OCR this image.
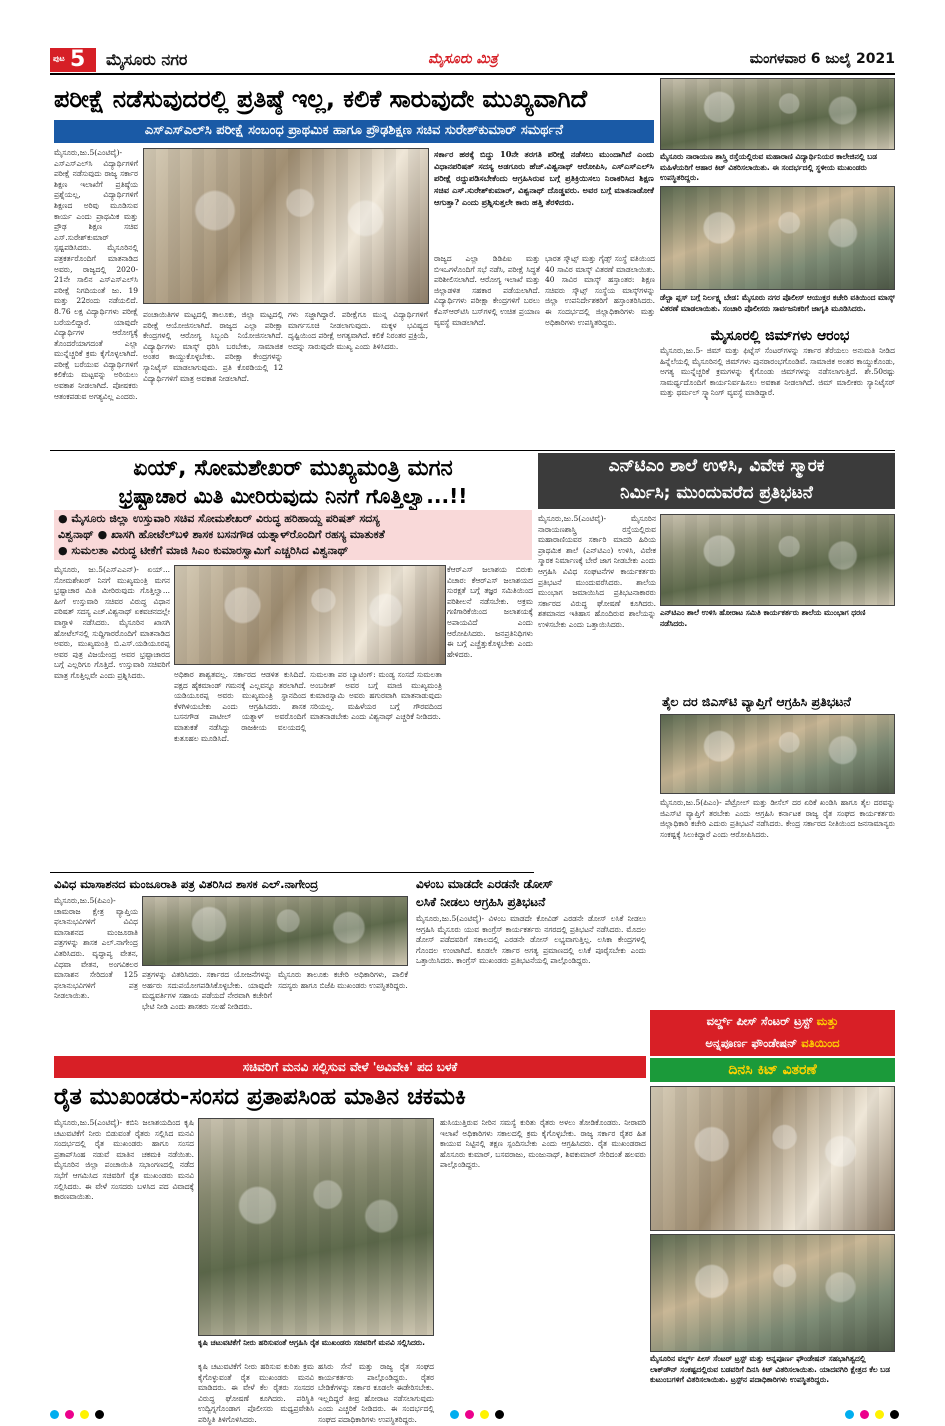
ಪುಟ 5 ಮೈಸೂರು ನಗರ	ಮೈಸೂರು ಮಿತ್ರ	ಮಂಗಳವಾರ 6 ಜುಲೈ 2021
ಪರೀಕ್ಷೆ ನಡೆಸುವುದರಲ್ಲಿ ಪ್ರತಿಷ್ಠೆ ಇಲ್ಲ, ಕಲಿಕೆ ಸಾರುವುದೇ ಮುಖ್ಯವಾಗಿದೆ
ಎಸ್‌ಎಸ್‌ಎಲ್‌ಸಿ ಪರೀಕ್ಷೆ ಸಂಬಂಧ ಪ್ರಾಥಮಿಕ ಹಾಗೂ ಪ್ರೌಢಶಿಕ್ಷಣ ಸಚಿವ ಸುರೇಶ್‌ಕುಮಾರ್ ಸಮರ್ಥನೆ
ಮೈಸೂರು,ಜು.5(ಎಂಟಿವೈ)- ಎಸ್‌ಎಸ್‌ಎಲ್‌ಸಿ ವಿದ್ಯಾರ್ಥಿಗಳಿಗೆ ಪರೀಕ್ಷೆ ನಡೆಸುವುದು ರಾಜ್ಯ ಸರ್ಕಾರ ಶಿಕ್ಷಣ ಇಲಾಖೆಗೆ ಪ್ರತಿಷ್ಠೆಯ ಪ್ರಶ್ನೆಯಲ್ಲ, ವಿದ್ಯಾರ್ಥಿಗಳಿಗೆ ಶಿಕ್ಷಣದ ಅರಿವು ಮೂಡಿಸುವ ಕಾರ್ಯ ಎಂದು ಪ್ರಾಥಮಿಕ ಮತ್ತು ಪ್ರೌಢ ಶಿಕ್ಷಣ ಸಚಿವ ಎಸ್.ಸುರೇಶ್‌ಕುಮಾರ್ ಸ್ಪಷ್ಟಪಡಿಸಿದರು. ಮೈಸೂರಿನಲ್ಲಿ ಪತ್ರಕರ್ತರೊಂದಿಗೆ ಮಾತನಾಡಿದ ಅವರು, ರಾಜ್ಯದಲ್ಲಿ 2020-21ನೇ ಸಾಲಿನ ಎಸ್‌ಎಸ್‌ಎಲ್‌ಸಿ ಪರೀಕ್ಷೆ ನಿಗದಿಯಂತೆ ಜು. 19 ಮತ್ತು 22ರಂದು ನಡೆಯಲಿದೆ. 8.76 ಲಕ್ಷ ವಿದ್ಯಾರ್ಥಿಗಳು ಪರೀಕ್ಷೆ ಬರೆಯಲಿದ್ದಾರೆ. ಯಾವುದೇ ವಿದ್ಯಾರ್ಥಿಗಳ ಆರೋಗ್ಯಕ್ಕೆ ತೊಂದರೆಯಾಗದಂತೆ ಎಲ್ಲಾ ಮುನ್ನೆಚ್ಚರಿಕೆ ಕ್ರಮ ಕೈಗೊಳ್ಳಲಾಗಿದೆ. ಪರೀಕ್ಷೆ ಬರೆಯುವ ವಿದ್ಯಾರ್ಥಿಗಳಿಗೆ ಕಲಿಕೆಯ ಮಟ್ಟವನ್ನು ಅರಿಯಲು ಅವಕಾಶ ನೀಡಲಾಗಿದೆ. ಪೋಷಕರು ಆತಂಕಪಡುವ ಅಗತ್ಯವಿಲ್ಲ ಎಂದರು.
ಪಂಚಾಯಿತಿಗಳ ಮಟ್ಟದಲ್ಲಿ ತಾಲೂಕು, ಜಿಲ್ಲಾ ಮಟ್ಟದಲ್ಲಿ ಪರೀಕ್ಷೆ ಆಯೋಜಿಸಲಾಗಿದೆ. ರಾಜ್ಯದ ಎಲ್ಲಾ ಪರೀಕ್ಷಾ ಕೇಂದ್ರಗಳಲ್ಲಿ ಆರೋಗ್ಯ ಸಿಬ್ಬಂದಿ ನಿಯೋಜಿಸಲಾಗಿದೆ. ವಿದ್ಯಾರ್ಥಿಗಳು ಮಾಸ್ಕ್ ಧರಿಸಿ ಬರಬೇಕು, ಸಾಮಾಜಿಕ ಅಂತರ ಕಾಯ್ದುಕೊಳ್ಳಬೇಕು. ಪರೀಕ್ಷಾ ಕೇಂದ್ರಗಳನ್ನು ಸ್ಯಾನಿಟೈಸ್ ಮಾಡಲಾಗುವುದು. ಪ್ರತಿ ಕೊಠಡಿಯಲ್ಲಿ 12 ವಿದ್ಯಾರ್ಥಿಗಳಿಗೆ ಮಾತ್ರ ಅವಕಾಶ ನೀಡಲಾಗಿದೆ.
ಗಳು ಸಜ್ಜಾಗಿದ್ದಾರೆ. ಪರೀಕ್ಷೆಗೂ ಮುನ್ನ ವಿದ್ಯಾರ್ಥಿಗಳಿಗೆ ಮಾರ್ಗಸೂಚಿ ನೀಡಲಾಗುವುದು. ಮಕ್ಕಳ ಭವಿಷ್ಯದ ದೃಷ್ಟಿಯಿಂದ ಪರೀಕ್ಷೆ ಅಗತ್ಯವಾಗಿದೆ. ಕಲಿಕೆ ನಿರಂತರ ಪ್ರಕ್ರಿಯೆ, ಅದನ್ನು ಸಾರುವುದೇ ಮುಖ್ಯ ಎಂದು ತಿಳಿಸಿದರು.
ಸರ್ಕಾರ ಹಠಕ್ಕೆ ಬಿದ್ದು 10ನೇ ತರಗತಿ ಪರೀಕ್ಷೆ ನಡೆಸಲು ಮುಂದಾಗಿದೆ ಎಂದು ವಿಧಾನಪರಿಷತ್ ಸದಸ್ಯ ಅಡಗೂರು ಹೆಚ್.ವಿಶ್ವನಾಥ್ ಆರೋಪಿಸಿ, ಎಸ್‌ಎಸ್‌ಎಲ್‌ಸಿ ಪರೀಕ್ಷೆ ರದ್ದುಪಡಿಸಬೇಕೆಂದು ಆಗ್ರಹಿಸಿರುವ ಬಗ್ಗೆ ಪ್ರತಿಕ್ರಿಯಿಸಲು ನಿರಾಕರಿಸಿದ ಶಿಕ್ಷಣ ಸಚಿವ ಎಸ್.ಸುರೇಶ್‌ಕುಮಾರ್, ವಿಶ್ವನಾಥ್ ದೊಡ್ಡವರು. ಅವರ ಬಗ್ಗೆ ಮಾತನಾಡೋಕೆ ಆಗುತ್ತಾ? ಎಂದು ಪ್ರಶ್ನಿಸುತ್ತಲೇ ಕಾರು ಹತ್ತಿ ತೆರಳಿದರು.
ರಾಜ್ಯದ ಎಲ್ಲಾ ಡಿಡಿಪಿಐ ಮತ್ತು ಬಿಇಒಗಳೊಂದಿಗೆ ಸಭೆ ನಡೆಸಿ, ಪರೀಕ್ಷೆ ಸಿದ್ಧತೆ ಪರಿಶೀಲಿಸಲಾಗಿದೆ. ಆರೋಗ್ಯ ಇಲಾಖೆ ಮತ್ತು ಜಿಲ್ಲಾಡಳಿತ ಸಹಕಾರ ಪಡೆಯಲಾಗಿದೆ. ವಿದ್ಯಾರ್ಥಿಗಳು ಪರೀಕ್ಷಾ ಕೇಂದ್ರಗಳಿಗೆ ಬರಲು ಕೆಎಸ್‌ಆರ್‌ಟಿಸಿ ಬಸ್‌ಗಳಲ್ಲಿ ಉಚಿತ ಪ್ರಯಾಣ ವ್ಯವಸ್ಥೆ ಮಾಡಲಾಗಿದೆ.
ಭಾರತ ಸ್ಕೌಟ್ಸ್ ಮತ್ತು ಗೈಡ್ಸ್ ಸಂಸ್ಥೆ ವತಿಯಿಂದ 40 ಸಾವಿರ ಮಾಸ್ಕ್ ವಿತರಣೆ ಮಾಡಲಾಯಿತು. 40 ಸಾವಿರ ಮಾಸ್ಕ್ ಹಸ್ತಾಂತರ: ಶಿಕ್ಷಣ ಸಚಿವರು ಸ್ಕೌಟ್ಸ್ ಸಂಸ್ಥೆಯ ಮಾಸ್ಕ್‌ಗಳನ್ನು ಜಿಲ್ಲಾ ಉಪನಿರ್ದೇಶಕರಿಗೆ ಹಸ್ತಾಂತರಿಸಿದರು. ಈ ಸಂದರ್ಭದಲ್ಲಿ ಜಿಲ್ಲಾಧಿಕಾರಿಗಳು ಮತ್ತು ಅಧಿಕಾರಿಗಳು ಉಪಸ್ಥಿತರಿದ್ದರು.
ಮೈಸೂರು ನಾರಾಯಣ ಶಾಸ್ತ್ರಿ ರಸ್ತೆಯಲ್ಲಿರುವ ಮಹಾರಾಣಿ ವಿದ್ಯಾರ್ಥಿನಿಯರ ಕಾಲೇಜಿನಲ್ಲಿ ಬಡ ಮಹಿಳೆಯರಿಗೆ ಆಹಾರ ಕಿಟ್ ವಿತರಿಸಲಾಯಿತು. ಈ ಸಂದರ್ಭದಲ್ಲಿ ಸ್ಥಳೀಯ ಮುಖಂಡರು ಉಪಸ್ಥಿತರಿದ್ದರು.
ಡೆಲ್ಟಾ ಪ್ಲಸ್ ಬಗ್ಗೆ ನಿರ್ಲಕ್ಷ್ಯ ಬೇಡ: ಮೈಸೂರು ನಗರ ಪೊಲೀಸ್ ಆಯುಕ್ತರ ಕಚೇರಿ ವತಿಯಿಂದ ಮಾಸ್ಕ್ ವಿತರಣೆ ಮಾಡಲಾಯಿತು. ಸಂಚಾರಿ ಪೊಲೀಸರು ಸಾರ್ವಜನಿಕರಿಗೆ ಜಾಗೃತಿ ಮೂಡಿಸಿದರು.
ಮೈಸೂರಲ್ಲಿ ಜಿಮ್‌ಗಳು ಆರಂಭ
ಮೈಸೂರು,ಜು.5- ಜಿಮ್ ಮತ್ತು ಫಿಟ್ನೆಸ್ ಸೆಂಟರ್‌ಗಳನ್ನು ಸರ್ಕಾರ ತೆರೆಯಲು ಅನುಮತಿ ನೀಡಿದ ಹಿನ್ನೆಲೆಯಲ್ಲಿ ಮೈಸೂರಿನಲ್ಲಿ ಜಿಮ್‌ಗಳು ಪುನರಾರಂಭಗೊಂಡಿವೆ. ಸಾಮಾಜಿಕ ಅಂತರ ಕಾಯ್ದುಕೊಂಡು, ಅಗತ್ಯ ಮುನ್ನೆಚ್ಚರಿಕೆ ಕ್ರಮಗಳನ್ನು ಕೈಗೊಂಡು ಜಿಮ್‌ಗಳನ್ನು ನಡೆಸಲಾಗುತ್ತಿದೆ. ಶೇ.50ರಷ್ಟು ಸಾಮರ್ಥ್ಯದೊಂದಿಗೆ ಕಾರ್ಯನಿರ್ವಹಿಸಲು ಅವಕಾಶ ನೀಡಲಾಗಿದೆ. ಜಿಮ್ ಮಾಲೀಕರು ಸ್ಯಾನಿಟೈಸರ್ ಮತ್ತು ಥರ್ಮಲ್ ಸ್ಕ್ಯಾನಿಂಗ್ ವ್ಯವಸ್ಥೆ ಮಾಡಿದ್ದಾರೆ.
ಏಯ್, ಸೋಮಶೇಖರ್ ಮುಖ್ಯಮಂತ್ರಿ ಮಗನ
ಭ್ರಷ್ಟಾಚಾರ ಮಿತಿ ಮೀರಿರುವುದು ನಿನಗೆ ಗೊತ್ತಿಲ್ವಾ...!!
● ಮೈಸೂರು ಜಿಲ್ಲಾ ಉಸ್ತುವಾರಿ ಸಚಿವ ಸೋಮಶೇಖರ್ ವಿರುದ್ಧ ಹರಿಹಾಯ್ದ ಪರಿಷತ್ ಸದಸ್ಯ
ವಿಶ್ವನಾಥ್ ● ಖಾಸಗಿ ಹೋಟೆಲ್‌ಬಳಿ ಶಾಸಕ ಬಸನಗೌಡ ಯತ್ನಾಳ್‌ರೊಂದಿಗೆ ರಹಸ್ಯ ಮಾತುಕತೆ
● ಸುಮಲತಾ ವಿರುದ್ಧ ಟೀಕೆಗೆ ಮಾಜಿ ಸಿಎಂ ಕುಮಾರಸ್ವಾಮಿಗೆ ಎಚ್ಚರಿಸಿದ ವಿಶ್ವನಾಥ್
ಮೈಸೂರು, ಜು.5(ಎಸ್‌ಎಎನ್)- ಏಯ್... ಸೋಮಶೇಖರ್ ನಿನಗೆ ಮುಖ್ಯಮಂತ್ರಿ ಮಗನ ಭ್ರಷ್ಟಾಚಾರ ಮಿತಿ ಮೀರಿರುವುದು ಗೊತ್ತಿಲ್ವಾ... ಹೀಗೆ ಉಸ್ತುವಾರಿ ಸಚಿವರ ವಿರುದ್ಧ ವಿಧಾನ ಪರಿಷತ್ ಸದಸ್ಯ ಎಚ್.ವಿಶ್ವನಾಥ್ ಏಕವಚನದಲ್ಲೇ ವಾಗ್ದಾಳಿ ನಡೆಸಿದರು. ಮೈಸೂರಿನ ಖಾಸಗಿ ಹೋಟೆಲ್‌ನಲ್ಲಿ ಸುದ್ದಿಗಾರರೊಂದಿಗೆ ಮಾತನಾಡಿದ ಅವರು, ಮುಖ್ಯಮಂತ್ರಿ ಬಿ.ಎಸ್.ಯಡಿಯೂರಪ್ಪ ಅವರ ಪುತ್ರ ವಿಜಯೇಂದ್ರ ಅವರ ಭ್ರಷ್ಟಾಚಾರದ ಬಗ್ಗೆ ಎಲ್ಲರಿಗೂ ಗೊತ್ತಿದೆ. ಉಸ್ತುವಾರಿ ಸಚಿವರಿಗೆ ಮಾತ್ರ ಗೊತ್ತಿಲ್ಲವೇ ಎಂದು ಪ್ರಶ್ನಿಸಿದರು.	ಅಧಿಕಾರ ಶಾಶ್ವತವಲ್ಲ. ಸರ್ಕಾರದ ಆಡಳಿತ ಕುಸಿದಿದೆ. ಪಕ್ಷದ ಹೈಕಮಾಂಡ್ ಗಮನಕ್ಕೆ ಎಲ್ಲವನ್ನೂ ತರಲಾಗಿದೆ. ಯಡಿಯೂರಪ್ಪ ಅವರು ಮುಖ್ಯಮಂತ್ರಿ ಸ್ಥಾನದಿಂದ ಕೆಳಗಿಳಿಯಬೇಕು ಎಂದು ಆಗ್ರಹಿಸಿದರು. ಶಾಸಕ ಬಸನಗೌಡ ಪಾಟೀಲ್ ಯತ್ನಾಳ್ ಅವರೊಂದಿಗೆ ಮಾತುಕತೆ ನಡೆಸಿದ್ದು ರಾಜಕೀಯ ವಲಯದಲ್ಲಿ ಕುತೂಹಲ ಮೂಡಿಸಿದೆ.
ಸುಮಲತಾ ಪರ ಬ್ಯಾಟಿಂಗ್: ಮಂಡ್ಯ ಸಂಸದೆ ಸುಮಲತಾ ಅಂಬರೀಶ್ ಅವರ ಬಗ್ಗೆ ಮಾಜಿ ಮುಖ್ಯಮಂತ್ರಿ ಕುಮಾರಸ್ವಾಮಿ ಅವರು ಹಗುರವಾಗಿ ಮಾತನಾಡುವುದು ಸರಿಯಲ್ಲ. ಮಹಿಳೆಯರ ಬಗ್ಗೆ ಗೌರವದಿಂದ ಮಾತನಾಡಬೇಕು ಎಂದು ವಿಶ್ವನಾಥ್ ಎಚ್ಚರಿಕೆ ನೀಡಿದರು.
ಕೆಆರ್‌ಎಸ್ ಜಲಾಶಯ ಬಿರುಕು ವಿಚಾರ: ಕೆಆರ್‌ಎಸ್ ಜಲಾಶಯದ ಸುರಕ್ಷತೆ ಬಗ್ಗೆ ತಜ್ಞರ ಸಮಿತಿಯಿಂದ ಪರಿಶೀಲನೆ ನಡೆಸಬೇಕು. ಅಕ್ರಮ ಗಣಿಗಾರಿಕೆಯಿಂದ ಜಲಾಶಯಕ್ಕೆ ಅಪಾಯವಿದೆ ಎಂದು ಆರೋಪಿಸಿದರು. ಜನಪ್ರತಿನಿಧಿಗಳು ಈ ಬಗ್ಗೆ ಎಚ್ಚೆತ್ತುಕೊಳ್ಳಬೇಕು ಎಂದು ಹೇಳಿದರು.
ಎನ್‌ಟಿಎಂ ಶಾಲೆ ಉಳಿಸಿ, ವಿವೇಕ ಸ್ಮಾರಕ
ನಿರ್ಮಿಸಿ; ಮುಂದುವರೆದ ಪ್ರತಿಭಟನೆ
ಮೈಸೂರು,ಜು.5(ಎಂಟಿವೈ)- ಮೈಸೂರಿನ ನಾರಾಯಣಶಾಸ್ತ್ರಿ ರಸ್ತೆಯಲ್ಲಿರುವ ಮಹಾರಾಣಿಯವರ ಸರ್ಕಾರಿ ಮಾದರಿ ಹಿರಿಯ ಪ್ರಾಥಮಿಕ ಶಾಲೆ (ಎನ್‌ಟಿಎಂ) ಉಳಿಸಿ, ವಿವೇಕ ಸ್ಮಾರಕ ನಿರ್ಮಾಣಕ್ಕೆ ಬೇರೆ ಜಾಗ ನೀಡಬೇಕು ಎಂದು ಆಗ್ರಹಿಸಿ ವಿವಿಧ ಸಂಘಟನೆಗಳ ಕಾರ್ಯಕರ್ತರು ಪ್ರತಿಭಟನೆ ಮುಂದುವರೆಸಿದರು. ಶಾಲೆಯ ಮುಂಭಾಗ ಜಮಾಯಿಸಿದ ಪ್ರತಿಭಟನಾಕಾರರು ಸರ್ಕಾರದ ವಿರುದ್ಧ ಘೋಷಣೆ ಕೂಗಿದರು. ಶತಮಾನದ ಇತಿಹಾಸ ಹೊಂದಿರುವ ಶಾಲೆಯನ್ನು ಉಳಿಸಬೇಕು ಎಂದು ಒತ್ತಾಯಿಸಿದರು.
ಎನ್‌ಟಿಎಂ ಶಾಲೆ ಉಳಿಸಿ ಹೋರಾಟ ಸಮಿತಿ ಕಾರ್ಯಕರ್ತರು ಶಾಲೆಯ ಮುಂಭಾಗ ಧರಣಿ ನಡೆಸಿದರು.
ತೈಲ ದರ ಜಿಎಸ್‌ಟಿ ವ್ಯಾಪ್ತಿಗೆ ಆಗ್ರಹಿಸಿ ಪ್ರತಿಭಟನೆ
ಮೈಸೂರು,ಜು.5(ಪಿಎಂ)- ಪೆಟ್ರೋಲ್ ಮತ್ತು ಡೀಸೆಲ್ ದರ ಏರಿಕೆ ಖಂಡಿಸಿ ಹಾಗೂ ತೈಲ ದರವನ್ನು ಜಿಎಸ್‌ಟಿ ವ್ಯಾಪ್ತಿಗೆ ತರಬೇಕು ಎಂದು ಆಗ್ರಹಿಸಿ ಕರ್ನಾಟಕ ರಾಜ್ಯ ರೈತ ಸಂಘದ ಕಾರ್ಯಕರ್ತರು ಜಿಲ್ಲಾಧಿಕಾರಿ ಕಚೇರಿ ಎದುರು ಪ್ರತಿಭಟನೆ ನಡೆಸಿದರು. ಕೇಂದ್ರ ಸರ್ಕಾರದ ನೀತಿಯಿಂದ ಜನಸಾಮಾನ್ಯರು ಸಂಕಷ್ಟಕ್ಕೆ ಸಿಲುಕಿದ್ದಾರೆ ಎಂದು ಆರೋಪಿಸಿದರು.
ವಿವಿಧ ಮಾಸಾಶನದ ಮಂಜೂರಾತಿ ಪತ್ರ ವಿತರಿಸಿದ ಶಾಸಕ ಎಲ್.ನಾಗೇಂದ್ರ
ಮೈಸೂರು,ಜು.5(ಪಿಎಂ)- ಚಾಮರಾಜ ಕ್ಷೇತ್ರ ವ್ಯಾಪ್ತಿಯ ಫಲಾನುಭವಿಗಳಿಗೆ ವಿವಿಧ ಮಾಸಾಶನದ ಮಂಜೂರಾತಿ ಪತ್ರಗಳನ್ನು ಶಾಸಕ ಎಲ್.ನಾಗೇಂದ್ರ ವಿತರಿಸಿದರು. ವೃದ್ಧಾಪ್ಯ ವೇತನ, ವಿಧವಾ ವೇತನ, ಅಂಗವಿಕಲರ ಮಾಸಾಶನ ಸೇರಿದಂತೆ 125 ಫಲಾನುಭವಿಗಳಿಗೆ ಪತ್ರ ನೀಡಲಾಯಿತು.
ಪತ್ರಗಳನ್ನು ವಿತರಿಸಿದರು. ಸರ್ಕಾರದ ಯೋಜನೆಗಳನ್ನು ಅರ್ಹರು ಸದುಪಯೋಗಪಡಿಸಿಕೊಳ್ಳಬೇಕು. ಯಾವುದೇ ಮಧ್ಯವರ್ತಿಗಳ ಸಹಾಯ ಪಡೆಯದೆ ನೇರವಾಗಿ ಕಚೇರಿಗೆ ಭೇಟಿ ನೀಡಿ ಎಂದು ಶಾಸಕರು ಸಲಹೆ ನೀಡಿದರು.
ಮೈಸೂರು ತಾಲೂಕು ಕಚೇರಿ ಅಧಿಕಾರಿಗಳು, ಪಾಲಿಕೆ ಸದಸ್ಯರು ಹಾಗೂ ಬಿಜೆಪಿ ಮುಖಂಡರು ಉಪಸ್ಥಿತರಿದ್ದರು.
ವಿಳಂಬ ಮಾಡದೇ ಎರಡನೇ ಡೋಸ್
ಲಸಿಕೆ ನೀಡಲು ಆಗ್ರಹಿಸಿ ಪ್ರತಿಭಟನೆ
ಮೈಸೂರು,ಜು.5(ಎಂಟಿವೈ)- ವಿಳಂಬ ಮಾಡದೇ ಕೋವಿಡ್ ಎರಡನೇ ಡೋಸ್ ಲಸಿಕೆ ನೀಡಲು ಆಗ್ರಹಿಸಿ ಮೈಸೂರು ಯುವ ಕಾಂಗ್ರೆಸ್ ಕಾರ್ಯಕರ್ತರು ನಗರದಲ್ಲಿ ಪ್ರತಿಭಟನೆ ನಡೆಸಿದರು. ಮೊದಲ ಡೋಸ್ ಪಡೆದವರಿಗೆ ಸಕಾಲದಲ್ಲಿ ಎರಡನೇ ಡೋಸ್ ಲಭ್ಯವಾಗುತ್ತಿಲ್ಲ. ಲಸಿಕಾ ಕೇಂದ್ರಗಳಲ್ಲಿ ಗೊಂದಲ ಉಂಟಾಗಿದೆ. ಕೂಡಲೇ ಸರ್ಕಾರ ಅಗತ್ಯ ಪ್ರಮಾಣದಲ್ಲಿ ಲಸಿಕೆ ಪೂರೈಸಬೇಕು ಎಂದು ಒತ್ತಾಯಿಸಿದರು. ಕಾಂಗ್ರೆಸ್ ಮುಖಂಡರು ಪ್ರತಿಭಟನೆಯಲ್ಲಿ ಪಾಲ್ಗೊಂಡಿದ್ದರು.
ವರ್ಲ್ಡ್ ಪೀಸ್ ಸೆಂಟರ್ ಟ್ರಸ್ಟ್ ಮತ್ತು
ಅನ್ನಪೂರ್ಣ ಫೌಂಡೇಷನ್ ವತಿಯಿಂದ
ದಿನಸಿ ಕಿಟ್ ವಿತರಣೆ
ಮೈಸೂರಿನ ವರ್ಲ್ಡ್ ಪೀಸ್ ಸೆಂಟರ್ ಟ್ರಸ್ಟ್ ಮತ್ತು ಅನ್ನಪೂರ್ಣ ಫೌಂಡೇಷನ್ ಸಹಭಾಗಿತ್ವದಲ್ಲಿ ಲಾಕ್‌ಡೌನ್ ಸಂಕಷ್ಟದಲ್ಲಿರುವ ಬಡವರಿಗೆ ದಿನಸಿ ಕಿಟ್ ವಿತರಿಸಲಾಯಿತು. ಯಾದವಗಿರಿ ಕ್ಷೇತ್ರದ ಕೆಲ ಬಡ ಕುಟುಂಬಗಳಿಗೆ ವಿತರಿಸಲಾಯಿತು. ಟ್ರಸ್ಟ್‌ನ ಪದಾಧಿಕಾರಿಗಳು ಉಪಸ್ಥಿತರಿದ್ದರು.
ಸಚಿವರಿಗೆ ಮನವಿ ಸಲ್ಲಿಸುವ ವೇಳೆ 'ಅವಿವೇಕಿ' ಪದ ಬಳಕೆ
ರೈತ ಮುಖಂಡರು-ಸಂಸದ ಪ್ರತಾಪಸಿಂಹ ಮಾತಿನ ಚಕಮಕಿ
ಮೈಸೂರು,ಜು.5(ಎಂಟಿವೈ)- ಕಬಿನಿ ಜಲಾಶಯದಿಂದ ಕೃಷಿ ಚಟುವಟಿಕೆಗೆ ನೀರು ಬಿಡುವಂತೆ ರೈತರು ಸಲ್ಲಿಸಿದ ಮನವಿ ಸಂದರ್ಭದಲ್ಲಿ ರೈತ ಮುಖಂಡರು ಹಾಗೂ ಸಂಸದ ಪ್ರತಾಪ್‌ಸಿಂಹ ನಡುವೆ ಮಾತಿನ ಚಕಮಕಿ ನಡೆಯಿತು. ಮೈಸೂರಿನ ಜಿಲ್ಲಾ ಪಂಚಾಯಿತಿ ಸಭಾಂಗಣದಲ್ಲಿ ನಡೆದ ಸಭೆಗೆ ಆಗಮಿಸಿದ ಸಚಿವರಿಗೆ ರೈತ ಮುಖಂಡರು ಮನವಿ ಸಲ್ಲಿಸಿದರು. ಈ ವೇಳೆ ಸಂಸದರು ಬಳಸಿದ ಪದ ವಿವಾದಕ್ಕೆ ಕಾರಣವಾಯಿತು.
ಕೃಷಿ ಚಟುವಟಿಕೆಗೆ ನೀರು ಹರಿಸುವಂತೆ ಆಗ್ರಹಿಸಿ ರೈತ ಮುಖಂಡರು ಸಚಿವರಿಗೆ ಮನವಿ ಸಲ್ಲಿಸಿದರು.
ಕೃಷಿ ಚಟುವಟಿಕೆಗೆ ನೀರು ಹರಿಸುವ ಕುರಿತು ಕ್ರಮ ಕೈಗೊಳ್ಳುವಂತೆ ರೈತ ಮುಖಂಡರು ಮನವಿ ಮಾಡಿದರು. ಈ ವೇಳೆ ಕೆಲ ರೈತರು ಸಂಸದರ ವಿರುದ್ಧ ಘೋಷಣೆ ಕೂಗಿದರು. ಪರಿಸ್ಥಿತಿ ಉದ್ವಿಗ್ನಗೊಂಡಾಗ ಪೊಲೀಸರು ಮಧ್ಯಪ್ರವೇಶಿಸಿ ಪರಿಸ್ಥಿತಿ ತಿಳಿಗೊಳಿಸಿದರು.
ಹಸಿರು ಸೇನೆ ಮತ್ತು ರಾಜ್ಯ ರೈತ ಸಂಘದ ಕಾರ್ಯಕರ್ತರು ಪಾಲ್ಗೊಂಡಿದ್ದರು. ರೈತರ ಬೇಡಿಕೆಗಳನ್ನು ಸರ್ಕಾರ ಕೂಡಲೇ ಈಡೇರಿಸಬೇಕು. ಇಲ್ಲದಿದ್ದರೆ ತೀವ್ರ ಹೋರಾಟ ನಡೆಸಲಾಗುವುದು ಎಂದು ಎಚ್ಚರಿಕೆ ನೀಡಿದರು. ಈ ಸಂದರ್ಭದಲ್ಲಿ ಸಂಘದ ಪದಾಧಿಕಾರಿಗಳು ಉಪಸ್ಥಿತರಿದ್ದರು.
ಹುಸಿಯುತ್ತಿರುವ ನೀರಿನ ಸಮಸ್ಯೆ ಕುರಿತು ರೈತರು ಅಳಲು ತೋಡಿಕೊಂಡರು. ನೀರಾವರಿ ಇಲಾಖೆ ಅಧಿಕಾರಿಗಳು ಸಕಾಲದಲ್ಲಿ ಕ್ರಮ ಕೈಗೊಳ್ಳಬೇಕು. ರಾಜ್ಯ ಸರ್ಕಾರ ರೈತರ ಹಿತ ಕಾಯುವ ನಿಟ್ಟಿನಲ್ಲಿ ತಕ್ಷಣ ಸ್ಪಂದಿಸಬೇಕು ಎಂದು ಆಗ್ರಹಿಸಿದರು. ರೈತ ಮುಖಂಡರಾದ ಹೊಸೂರು ಕುಮಾರ್, ಬಸವರಾಜು, ಮಂಜುನಾಥ್, ಶಿವಕುಮಾರ್ ಸೇರಿದಂತೆ ಹಲವರು ಪಾಲ್ಗೊಂಡಿದ್ದರು.
